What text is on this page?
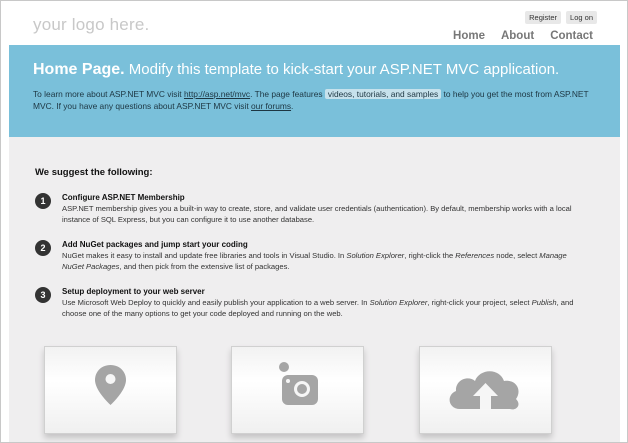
your logo here.	Register	Log on
Home About Contact
Home Page. Modify this template to kick-start your ASP.NET MVC application.
To learn more about ASP.NET MVC visit http://asp.net/mvc. The page features videos, tutorials, and samples to help you get the most from ASP.NET MVC. If you have any questions about ASP.NET MVC visit our forums.
We suggest the following:
1	Configure ASP.NET Membership
ASP.NET membership gives you a built-in way to create, store, and validate user credentials (authentication). By default, membership works with a local instance of SQL Express, but you can configure it to use another database.
2	Add NuGet packages and jump start your coding
NuGet makes it easy to install and update free libraries and tools in Visual Studio. In Solution Explorer, right-click the References node, select Manage NuGet Packages, and then pick from the extensive list of packages.
3	Setup deployment to your web server
Use Microsoft Web Deploy to quickly and easily publish your application to a web server. In Solution Explorer, right-click your project, select Publish, and choose one of the many options to get your code deployed and running on the web.
